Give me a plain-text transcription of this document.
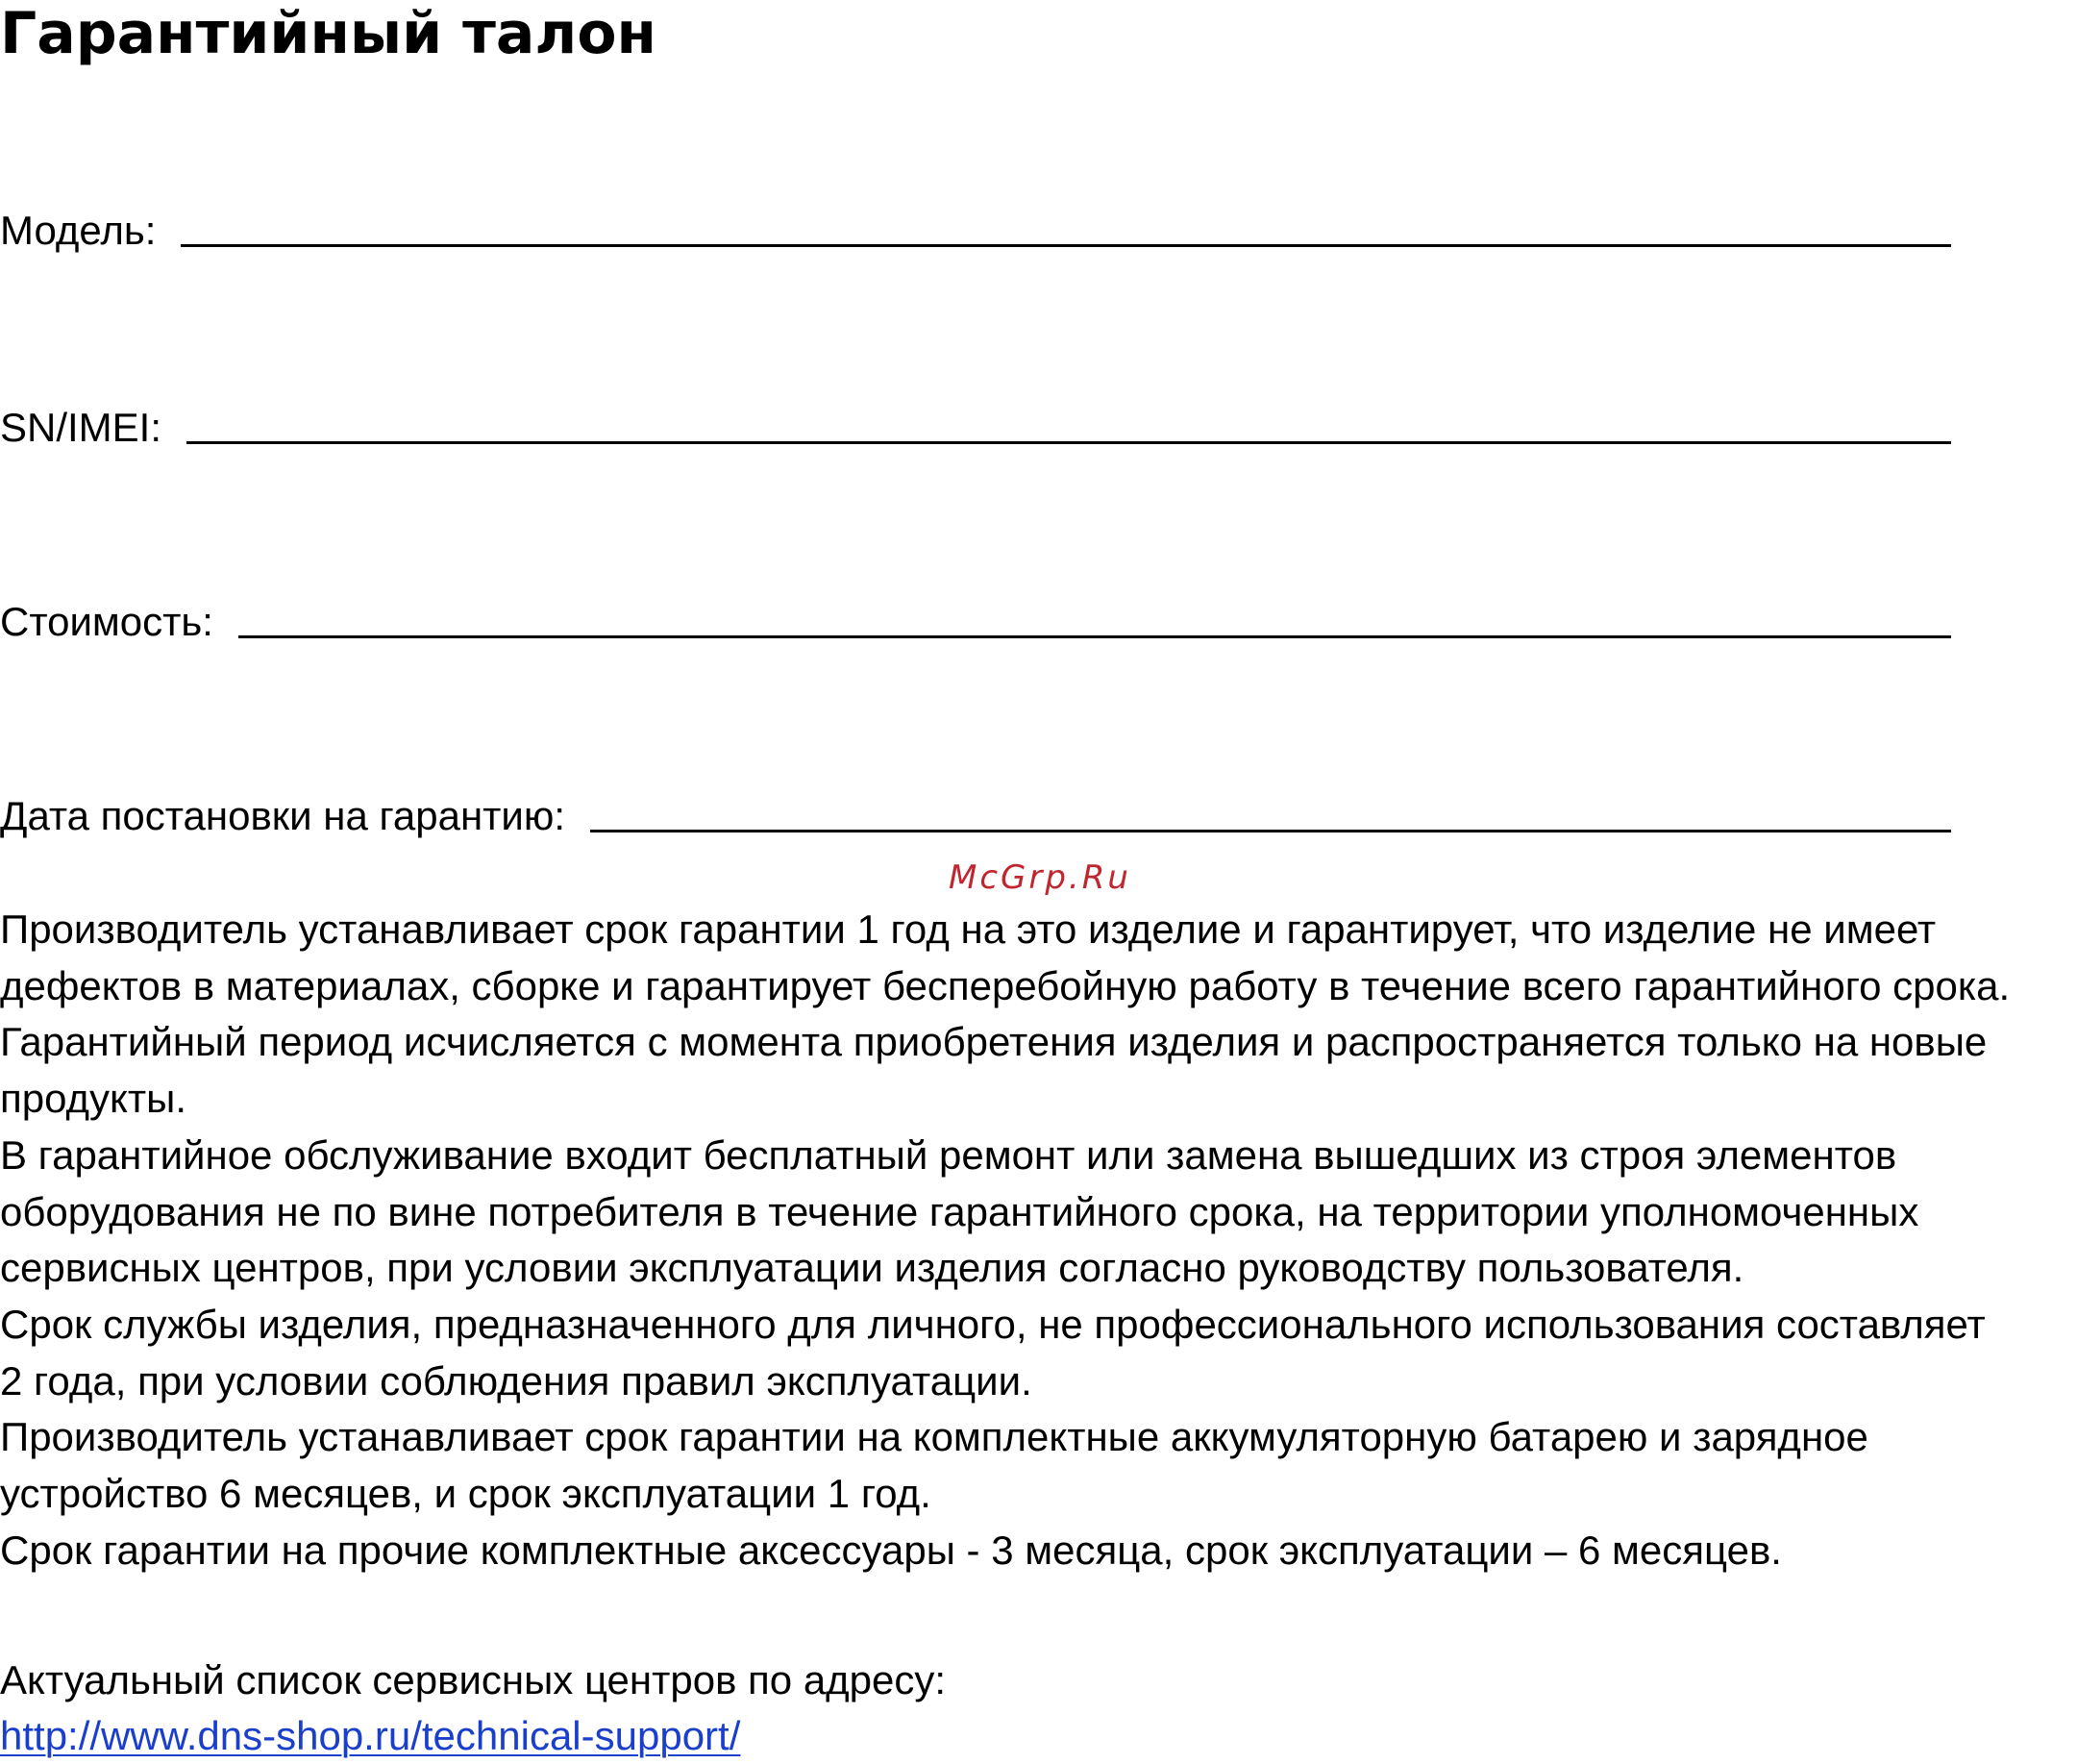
Гарантийный талон
Модель:
SN/IMEI:
Стоимость:
Дата постановки на гарантию:
McGrp.Ru

Производитель устанавливает срок гарантии 1 год на это изделие и гарантирует, что изделие не имеет

дефектов в материалах, сборке и гарантирует бесперебойную работу в течение всего гарантийного срока.

Гарантийный период исчисляется с момента приобретения изделия и распространяется только на новые

продукты.

В гарантийное обслуживание входит бесплатный ремонт или замена вышедших из строя элементов

оборудования не по вине потребителя в течение гарантийного срока, на территории уполномоченных

сервисных центров, при условии эксплуатации изделия согласно руководству пользователя.

Срок службы изделия, предназначенного для личного, не профессионального использования составляет

2 года, при условии соблюдения правил эксплуатации.

Производитель устанавливает срок гарантии на комплектные аккумуляторную батарею и зарядное

устройство 6 месяцев, и срок эксплуатации 1 год.

Срок гарантии на прочие комплектные аксессуары - 3 месяца, срок эксплуатации – 6 месяцев.

Актуальный список сервисных центров по адресу:

http://www.dns-shop.ru/technical-support/
